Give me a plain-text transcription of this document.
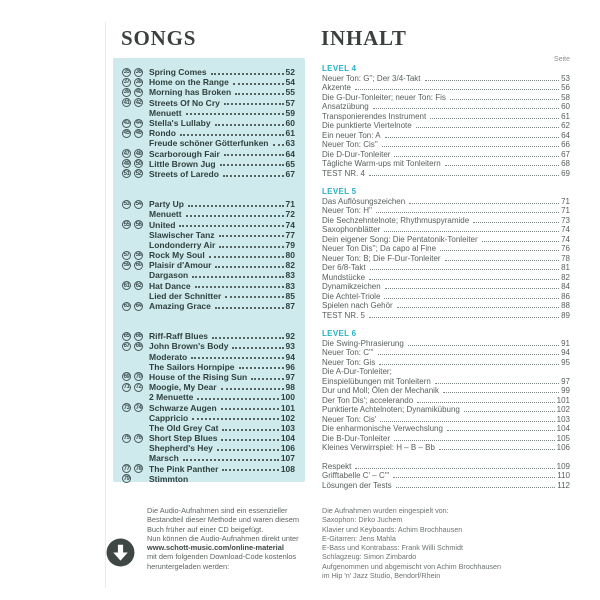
SONGS
35 36 Spring Comes	52
37 38 Home on the Range	54
39 40 Morning has Broken	55
41 42 Streets Of No Cry	57
Menuett	59
43 44 Stella's Lullaby	60
45 46 Rondo	61
Freude schöner Götterfunken 63
47 48 Scarborough Fair	64
49 50 Little Brown Jug	65
51 52 Streets of Laredo	67
53 54 Party Up	71
Menuett	72
55 56 United	74
Slawischer Tanz	77
Londonderry Air	79
57 58 Rock My Soul	80
59 60 Plaisir d'Amour	82
Dargason	83
61 62 Hat Dance	83
Lied der Schnitter	85
63 64 Amazing Grace	87
65 66 Riff-Raff Blues	92
67 68 John Brown's Body	93
Moderato	94
The Sailors Hornpipe	96
69 70 House of the Rising Sun	97
71 72 Moogie, My Dear	98
2 Menuette	100
73 74 Schwarze Augen	101
Cappricio	102
The Old Grey Cat	103
75 76 Short Step Blues	104
Shepherd's Hey	106
Marsch	107
77 78 The Pink Panther	108
79 Stimmton
INHALT
Seite
LEVEL 4
Neuer Ton: G''; Der 3/4-Takt	53
Akzente	56
Die G-Dur-Tonleiter; neuer Ton: Fis	58
Ansatzübung	60
Transponierendes Instrument	61
Die punktierte Viertelnote	62
Ein neuer Ton: A	64
Neuer Ton: Cis''	66
Die D-Dur-Tonleiter	67
Tägliche Warm-ups mit Tonleitern	68
TEST NR. 4	69
LEVEL 5
Das Auflösungszeichen	71
Neuer Ton: H''	71
Die Sechzehntelnote; Rhythmuspyramide	73
Saxophonblätter	74
Dein eigener Song: Die Pentatonik-Tonleiter	74
Neuer Ton Dis''; Da capo al Fine	76
Neuer Ton: B; Die F-Dur-Tonleiter	78
Der 6/8-Takt	81
Mundstücke	82
Dynamikzeichen	84
Die Achtel-Triole	86
Spielen nach Gehör	88
TEST NR. 5	89
LEVEL 6
Die Swing-Phrasierung	91
Neuer Ton: C'''	94
Neuer Ton: Gis	95
Die A-Dur-Tonleiter;
Einspielübungen mit Tonleitern	97
Dur und Moll; Ölen der Mechanik	99
Der Ton Dis'; accelerando	101
Punktierte Achtelnoten; Dynamikübung	102
Neuer Ton: Cis'	103
Die enharmonische Verwechslung	104
Die B-Dur-Tonleiter	105
Kleines Verwirrspiel: H – B – Bb	106
Respekt	109
Grifftabelle C' – C'''	110
Lösungen der Tests	112
Die Aufnahmen wurden eingespielt von:
Saxophon: Dirko Juchem
Klavier und Keyboards: Achim Brochhausen
E-Gitarren: Jens Mahla
E-Bass und Kontrabass: Frank Willi Schmidt
Schlagzeug: Simon Zimbardo
Aufgenommen und abgemischt von Achim Brochhausen
im Hip 'n' Jazz Studio, Bendorf/Rhein
Die Audio-Aufnahmen sind ein essenzieller
Bestandteil dieser Methode und waren diesem
Buch früher auf einer CD beigefügt.
Nun können die Audio-Aufnahmen direkt unter
www.schott-music.com/online-material
mit dem folgenden Download-Code kostenlos
heruntergeladen werden:
